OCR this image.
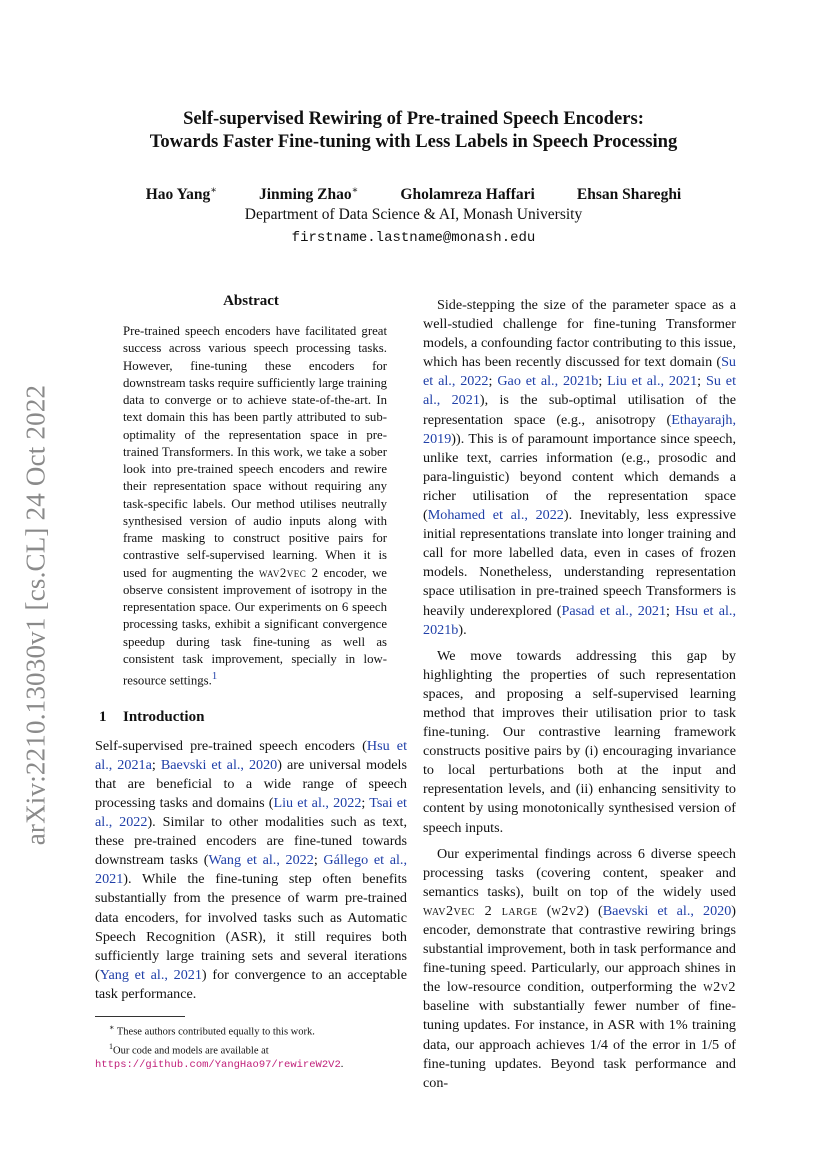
arXiv:2210.13030v1 [cs.CL] 24 Oct 2022
Self-supervised Rewiring of Pre-trained Speech Encoders:
Towards Faster Fine-tuning with Less Labels in Speech Processing
Hao Yang∗	Jinming Zhao∗	Gholamreza Haffari	Ehsan Shareghi
Department of Data Science & AI, Monash University
firstname.lastname@monash.edu
Abstract
Pre-trained speech encoders have facilitated great success across various speech processing tasks. However, fine-tuning these encoders for downstream tasks require sufficiently large training data to converge or to achieve state-of-the-art. In text domain this has been partly attributed to sub-optimality of the representation space in pre-trained Transformers. In this work, we take a sober look into pre-trained speech encoders and rewire their representation space without requiring any task-specific labels. Our method utilises neutrally synthesised version of audio inputs along with frame masking to construct positive pairs for contrastive self-supervised learning. When it is used for augmenting the wav2vec 2 encoder, we observe consistent improvement of isotropy in the representation space. Our experiments on 6 speech processing tasks, exhibit a significant convergence speedup during task fine-tuning as well as consistent task improvement, specially in low-resource settings.$^1$
1 Introduction

Self-supervised pre-trained speech encoders (Hsu et al., 2021a; Baevski et al., 2020) are universal models that are beneficial to a wide range of speech processing tasks and domains (Liu et al., 2022; Tsai et al., 2022). Similar to other modalities such as text, these pre-trained encoders are fine-tuned towards downstream tasks (Wang et al., 2022; Gállego et al., 2021). While the fine-tuning step often benefits substantially from the presence of warm pre-trained data encoders, for involved tasks such as Automatic Speech Recognition (ASR), it still requires both sufficiently large training sets and several iterations (Yang et al., 2021) for convergence to an acceptable task performance.

∗ These authors contributed equally to this work.
$^1$Our code and models are available at https://github.com/YangHao97/rewireW2V2.

Side-stepping the size of the parameter space as a well-studied challenge for fine-tuning Transformer models, a confounding factor contributing to this issue, which has been recently discussed for text domain (Su et al., 2022; Gao et al., 2021b; Liu et al., 2021; Su et al., 2021), is the sub-optimal utilisation of the representation space (e.g., anisotropy (Ethayarajh, 2019)). This is of paramount importance since speech, unlike text, carries information (e.g., prosodic and para-linguistic) beyond content which demands a richer utilisation of the representation space (Mohamed et al., 2022). Inevitably, less expressive initial representations translate into longer training and call for more labelled data, even in cases of frozen models. Nonetheless, understanding representation space utilisation in pre-trained speech Transformers is heavily underexplored (Pasad et al., 2021; Hsu et al., 2021b).

We move towards addressing this gap by highlighting the properties of such representation spaces, and proposing a self-supervised learning method that improves their utilisation prior to task fine-tuning. Our contrastive learning framework constructs positive pairs by (i) encouraging invariance to local perturbations both at the input and representation levels, and (ii) enhancing sensitivity to content by using monotonically synthesised version of speech inputs.

Our experimental findings across 6 diverse speech processing tasks (covering content, speaker and semantics tasks), built on top of the widely used wav2vec 2 large (w2v2) (Baevski et al., 2020) encoder, demonstrate that contrastive rewiring brings substantial improvement, both in task performance and fine-tuning speed. Particularly, our approach shines in the low-resource condition, outperforming the w2v2 baseline with substantially fewer number of fine-tuning updates. For instance, in ASR with 1% training data, our approach achieves 1/4 of the error in 1/5 of fine-tuning updates. Beyond task performance and con-
